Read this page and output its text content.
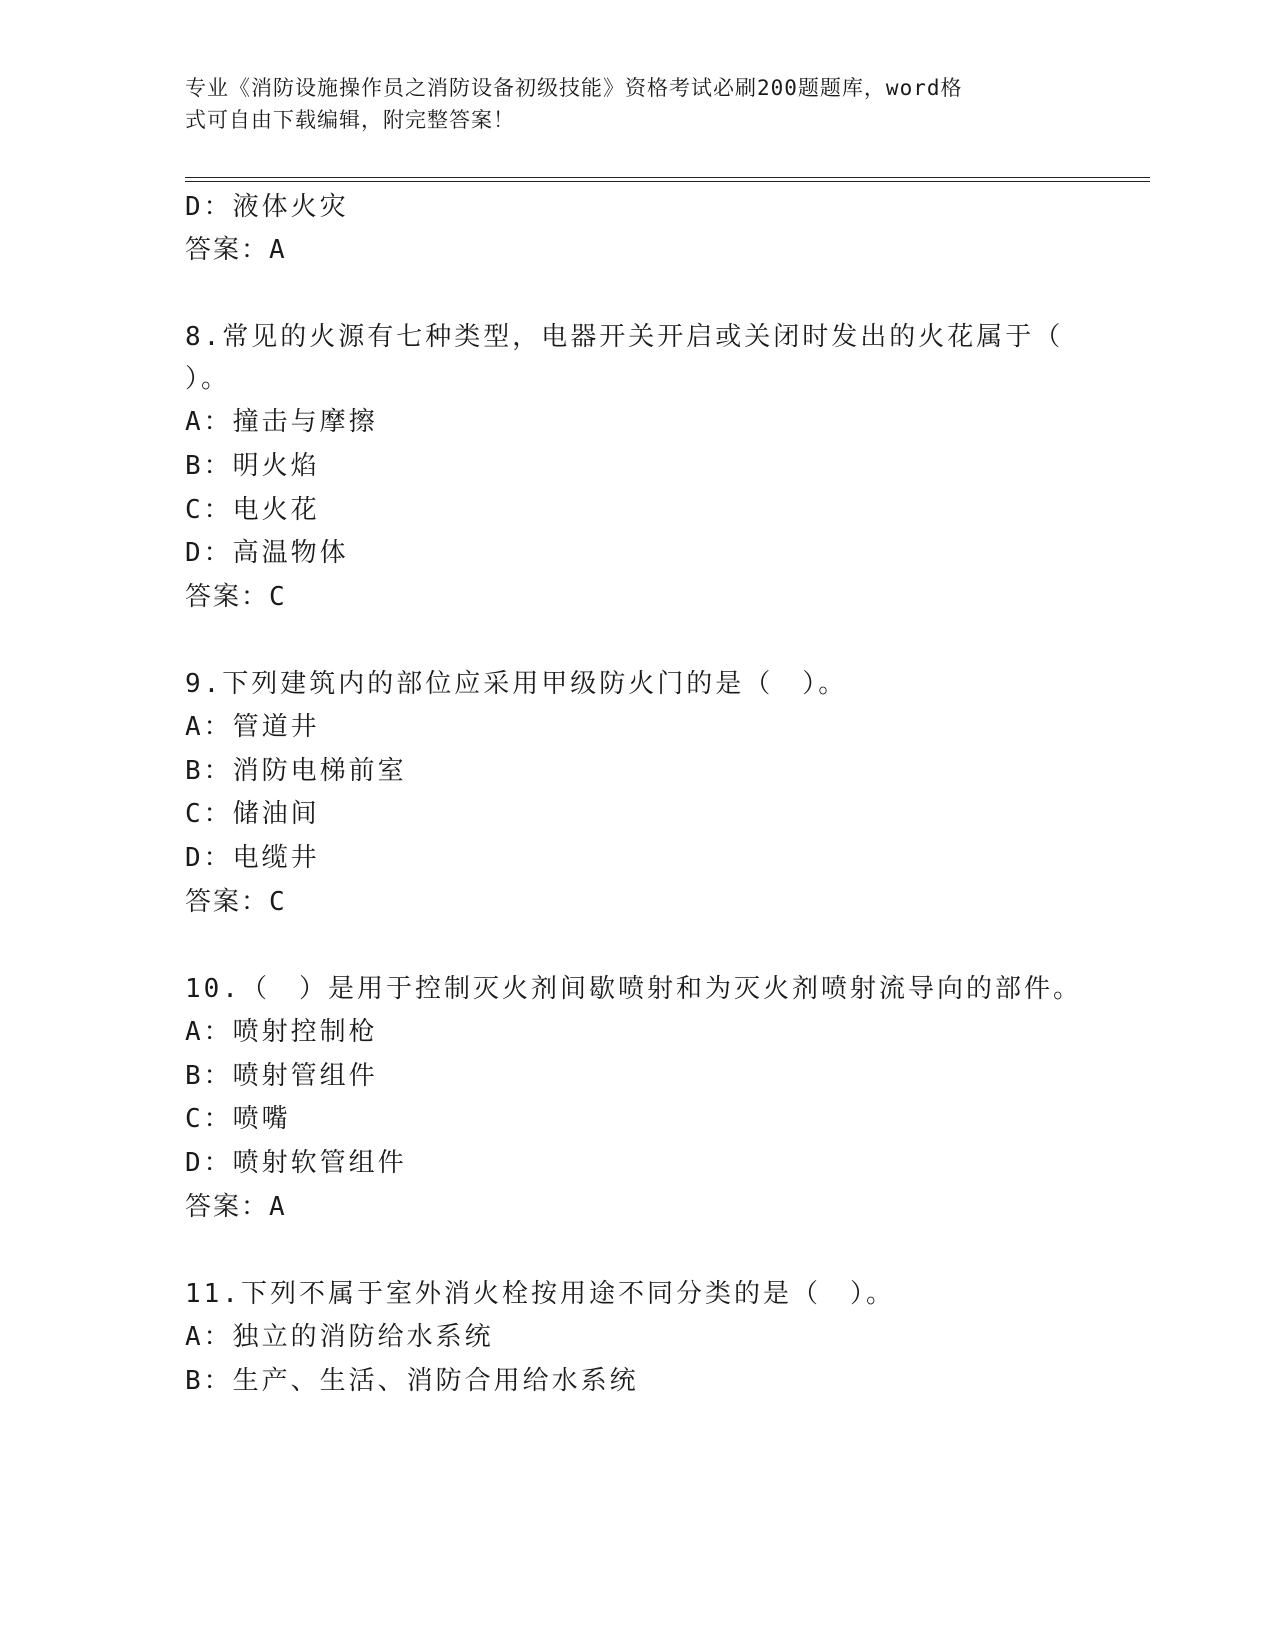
专业《消防设施操作员之消防设备初级技能》资格考试必刷200题题库，word格
式可自由下载编辑，附完整答案！
D：液体火灾
答案：A
8.常见的火源有七种类型，电器开关开启或关闭时发出的火花属于（
）。
A：撞击与摩擦
B：明火焰
C：电火花
D：高温物体
答案：C
9.下列建筑内的部位应采用甲级防火门的是（　）。
A：管道井
B：消防电梯前室
C：储油间
D：电缆井
答案：C
10.（　）是用于控制灭火剂间歇喷射和为灭火剂喷射流导向的部件。
A：喷射控制枪
B：喷射管组件
C：喷嘴
D：喷射软管组件
答案：A
11.下列不属于室外消火栓按用途不同分类的是（　）。
A：独立的消防给水系统
B：生产、生活、消防合用给水系统
